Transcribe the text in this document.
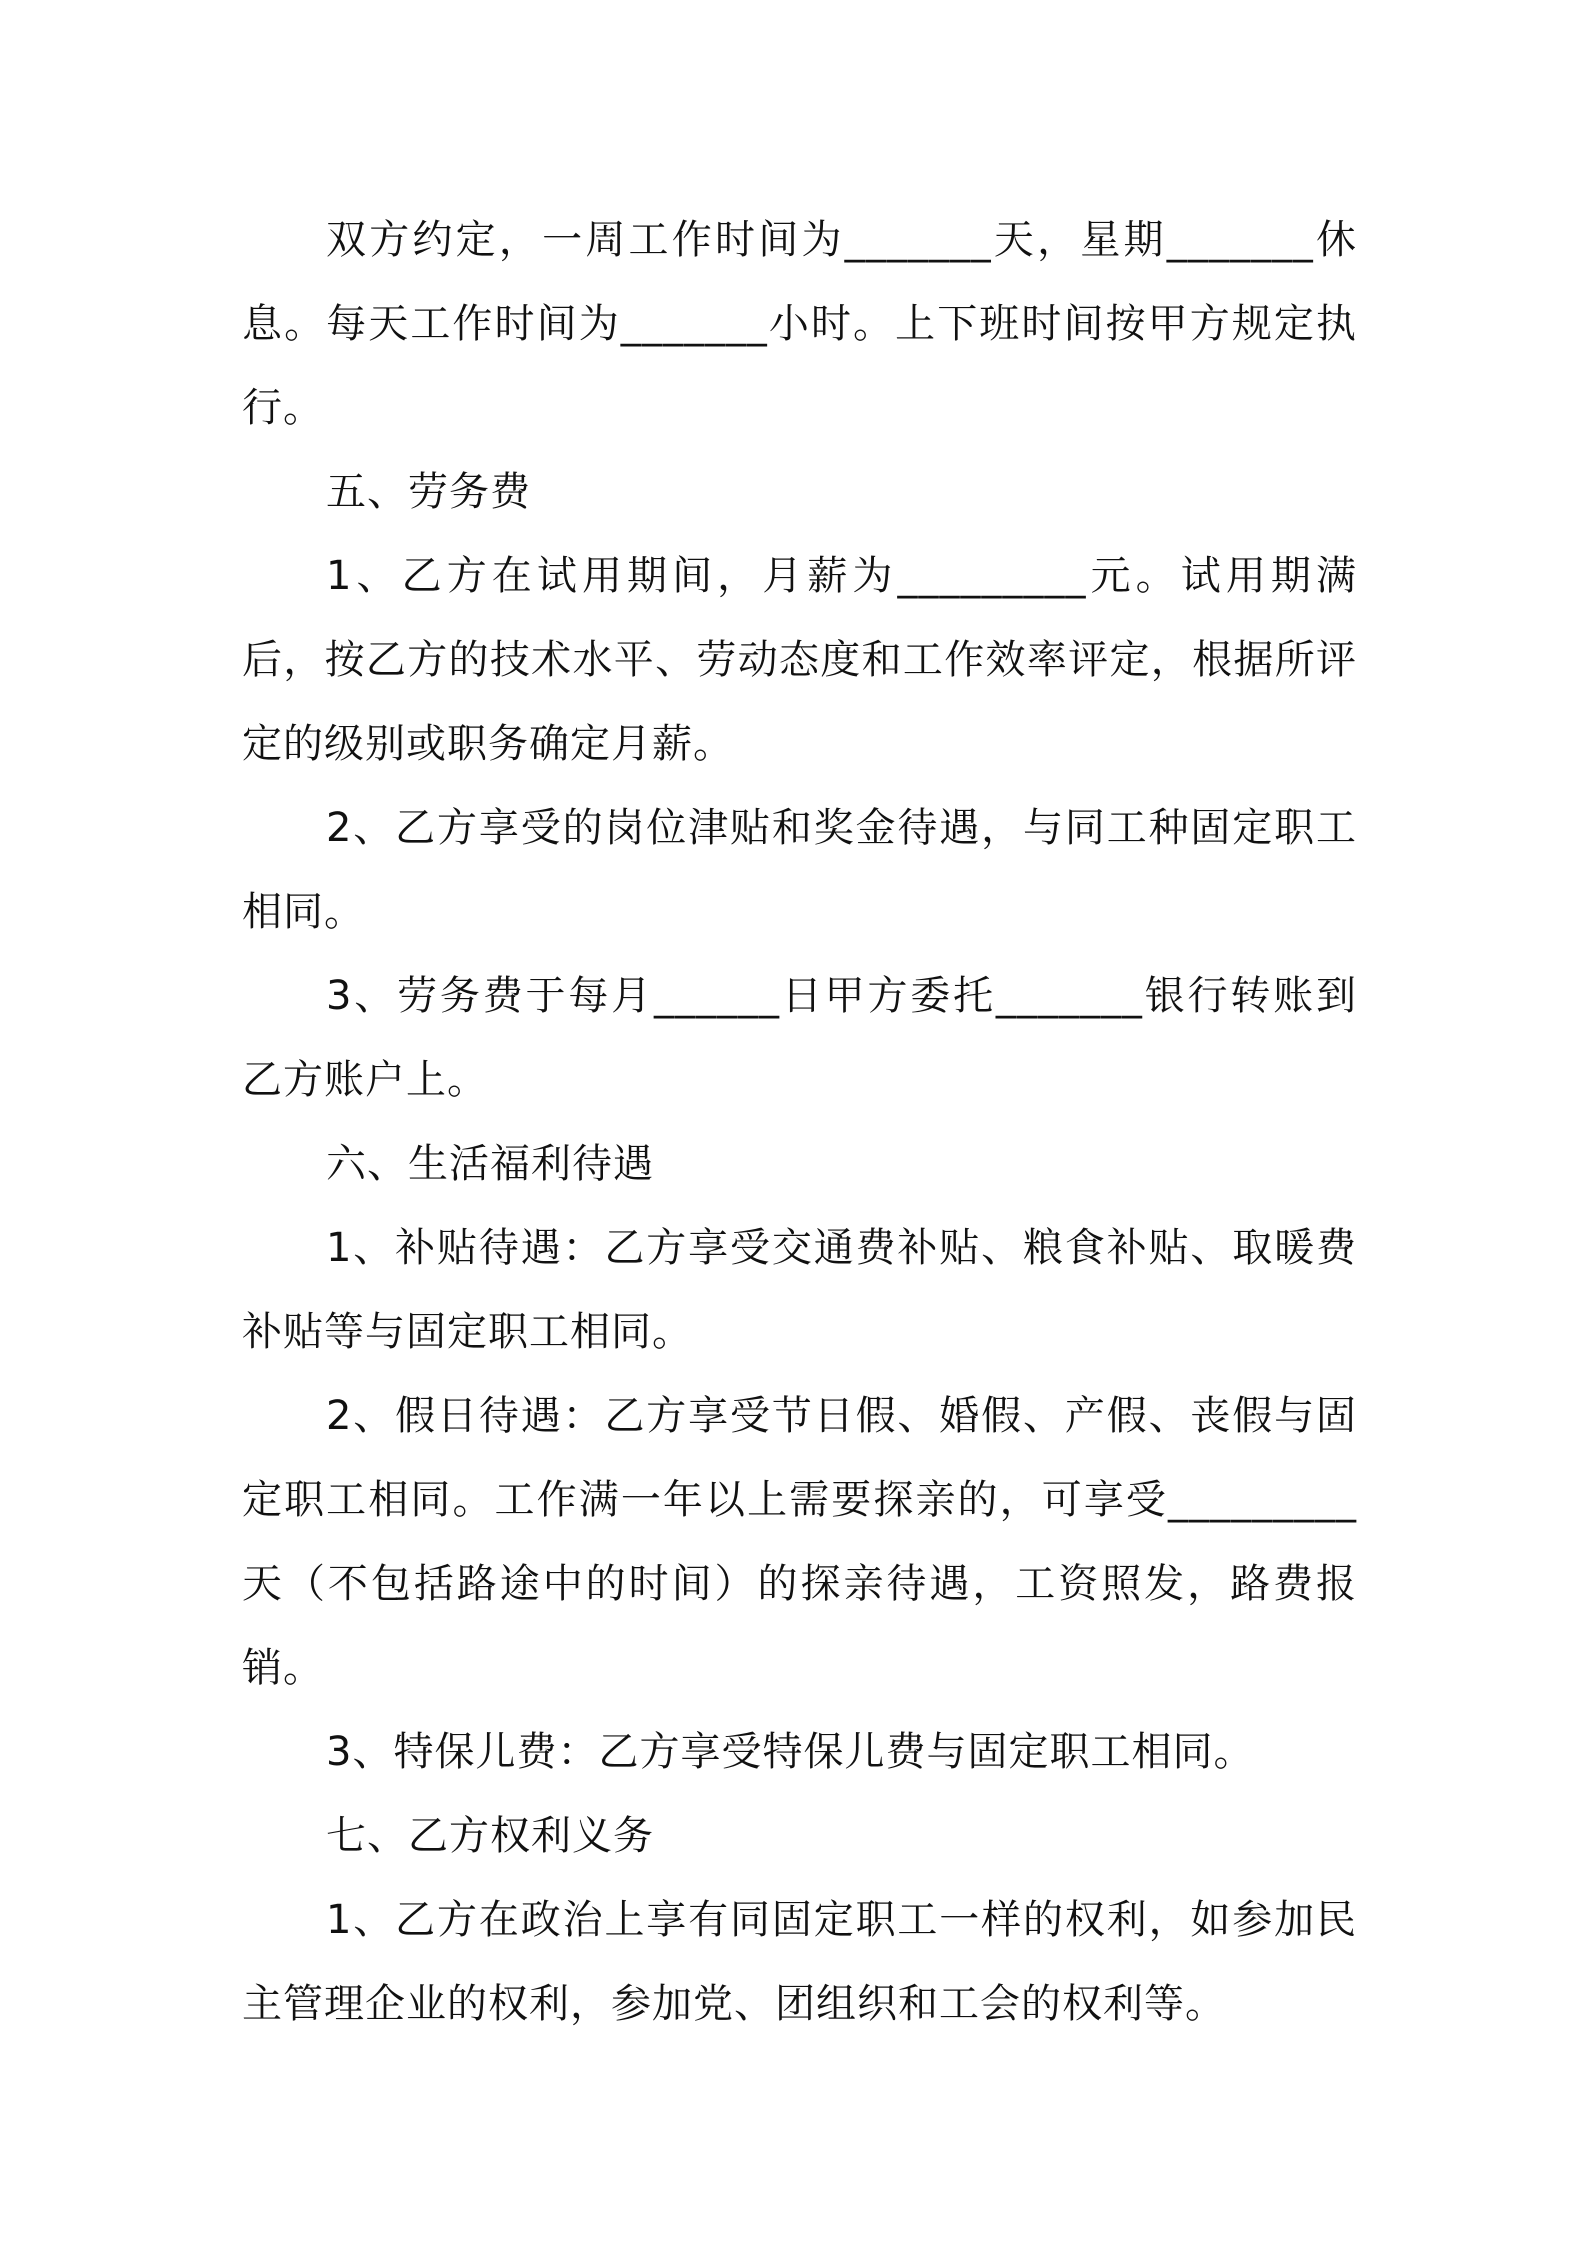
双方约定，一周工作时间为_______天，星期_______休息。每天工作时间为_______小时。上下班时间按甲方规定执行。

五、劳务费

1、乙方在试用期间，月薪为_________元。试用期满后，按乙方的技术水平、劳动态度和工作效率评定，根据所评定的级别或职务确定月薪。

2、乙方享受的岗位津贴和奖金待遇，与同工种固定职工相同。

3、劳务费于每月______日甲方委托_______银行转账到乙方账户上。

六、生活福利待遇

1、补贴待遇：乙方享受交通费补贴、粮食补贴、取暖费补贴等与固定职工相同。

2、假日待遇：乙方享受节日假、婚假、产假、丧假与固定职工相同。工作满一年以上需要探亲的，可享受_________天（不包括路途中的时间）的探亲待遇，工资照发，路费报销。

3、特保儿费：乙方享受特保儿费与固定职工相同。

七、乙方权利义务

1、乙方在政治上享有同固定职工一样的权利，如参加民主管理企业的权利，参加党、团组织和工会的权利等。
